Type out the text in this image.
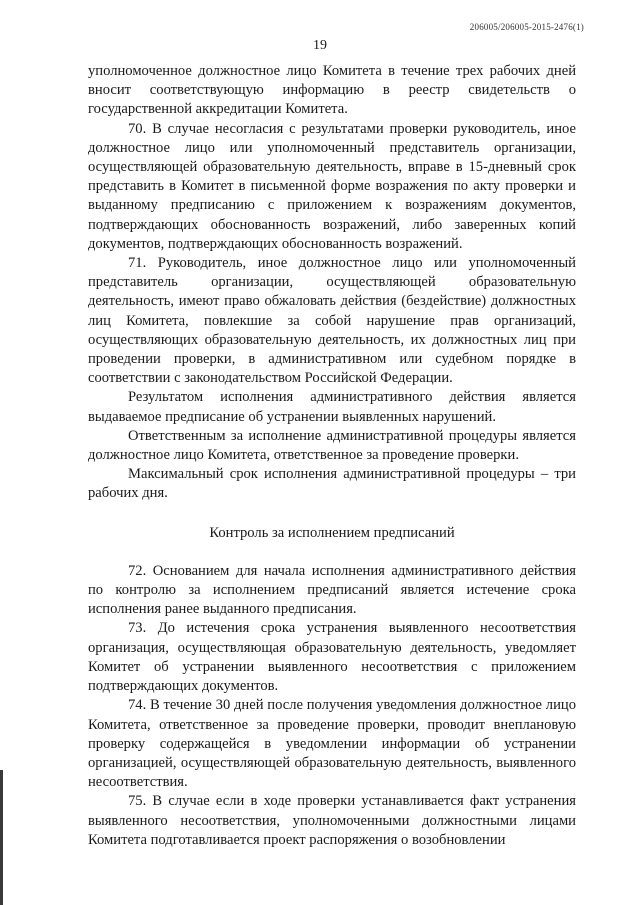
206005/206005-2015-2476(1)
19

уполномоченное должностное лицо Комитета в течение трех рабочих дней вносит соответствующую информацию в реестр свидетельств о государственной аккредитации Комитета.

70. В случае несогласия с результатами проверки руководитель, иное должностное лицо или уполномоченный представитель организации, осуществляющей образовательную деятельность, вправе в 15-дневный срок представить в Комитет в письменной форме возражения по акту проверки и выданному предписанию с приложением к возражениям документов, подтверждающих обоснованность возражений, либо заверенных копий документов, подтверждающих обоснованность возражений.

71. Руководитель, иное должностное лицо или уполномоченный представитель организации, осуществляющей образовательную деятельность, имеют право обжаловать действия (бездействие) должностных лиц Комитета, повлекшие за собой нарушение прав организаций, осуществляющих образовательную деятельность, их должностных лиц при проведении проверки, в административном или судебном порядке в соответствии с законодательством Российской Федерации.

Результатом исполнения административного действия является выдаваемое предписание об устранении выявленных нарушений.

Ответственным за исполнение административной процедуры является должностное лицо Комитета, ответственное за проведение проверки.

Максимальный срок исполнения административной процедуры – три рабочих дня.

Контроль за исполнением предписаний

72. Основанием для начала исполнения административного действия по контролю за исполнением предписаний является истечение срока исполнения ранее выданного предписания.

73. До истечения срока устранения выявленного несоответствия организация, осуществляющая образовательную деятельность, уведомляет Комитет об устранении выявленного несоответствия с приложением подтверждающих документов.

74. В течение 30 дней после получения уведомления должностное лицо Комитета, ответственное за проведение проверки, проводит внеплановую проверку содержащейся в уведомлении информации об устранении организацией, осуществляющей образовательную деятельность, выявленного несоответствия.

75. В случае если в ходе проверки устанавливается факт устранения выявленного несоответствия, уполномоченными должностными лицами Комитета подготавливается проект распоряжения о возобновлении
